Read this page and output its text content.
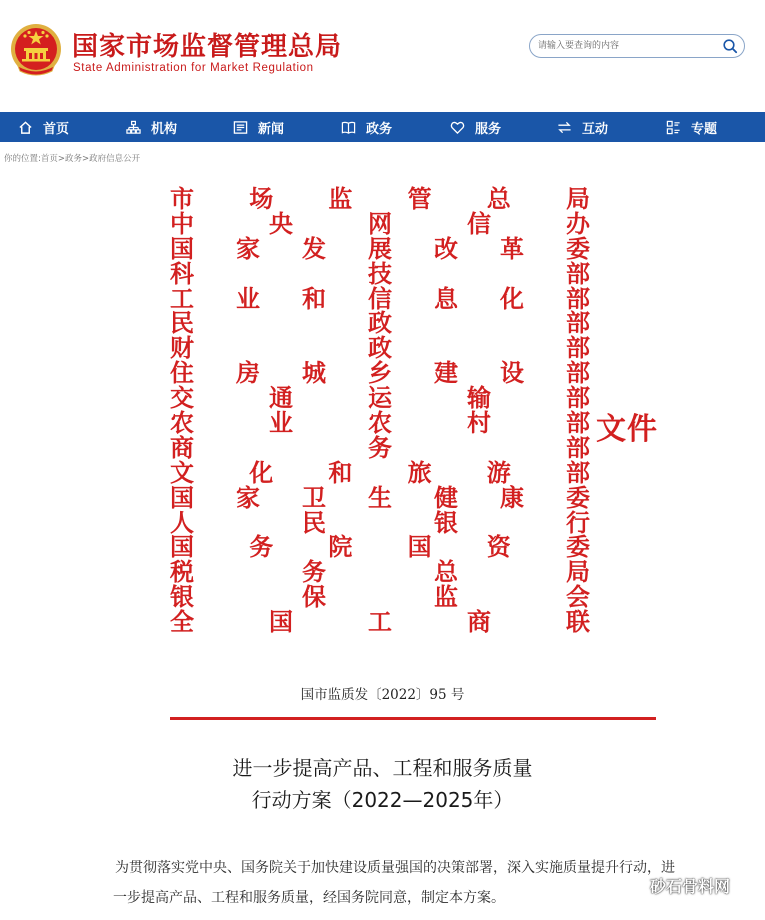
国家市场监督管理总局
State Administration for Market Regulation
请输入要查询的内容
首页	机构	新闻	政务	服务	互动	专题
你的位置:首页>政务>政府信息公开
市 场 监 管 总 局
中	央	网	信	办
国 家 发 展 改 革 委
科	技	部
工 业 和 信 息 化 部
民	政	部
财	政	部
住 房 城 乡 建 设 部
交	通	运	输	部
农	业	农	村	部
商	务	部
文 化 和 旅 游 部
国 家 卫 生 健 康 委
人	民	银	行
国 务 院 国 资 委
税	务	总	局
银	保	监	会
全	国	工	商	联
文件
国市监质发〔2022〕95 号
进一步提高产品、工程和服务质量
行动方案（2022—2025年）

为贯彻落实党中央、国务院关于加快建设质量强国的决策部署，深入实施质量提升行动，进一步提高产品、工程和服务质量，经国务院同意，制定本方案。

砂石骨料网
